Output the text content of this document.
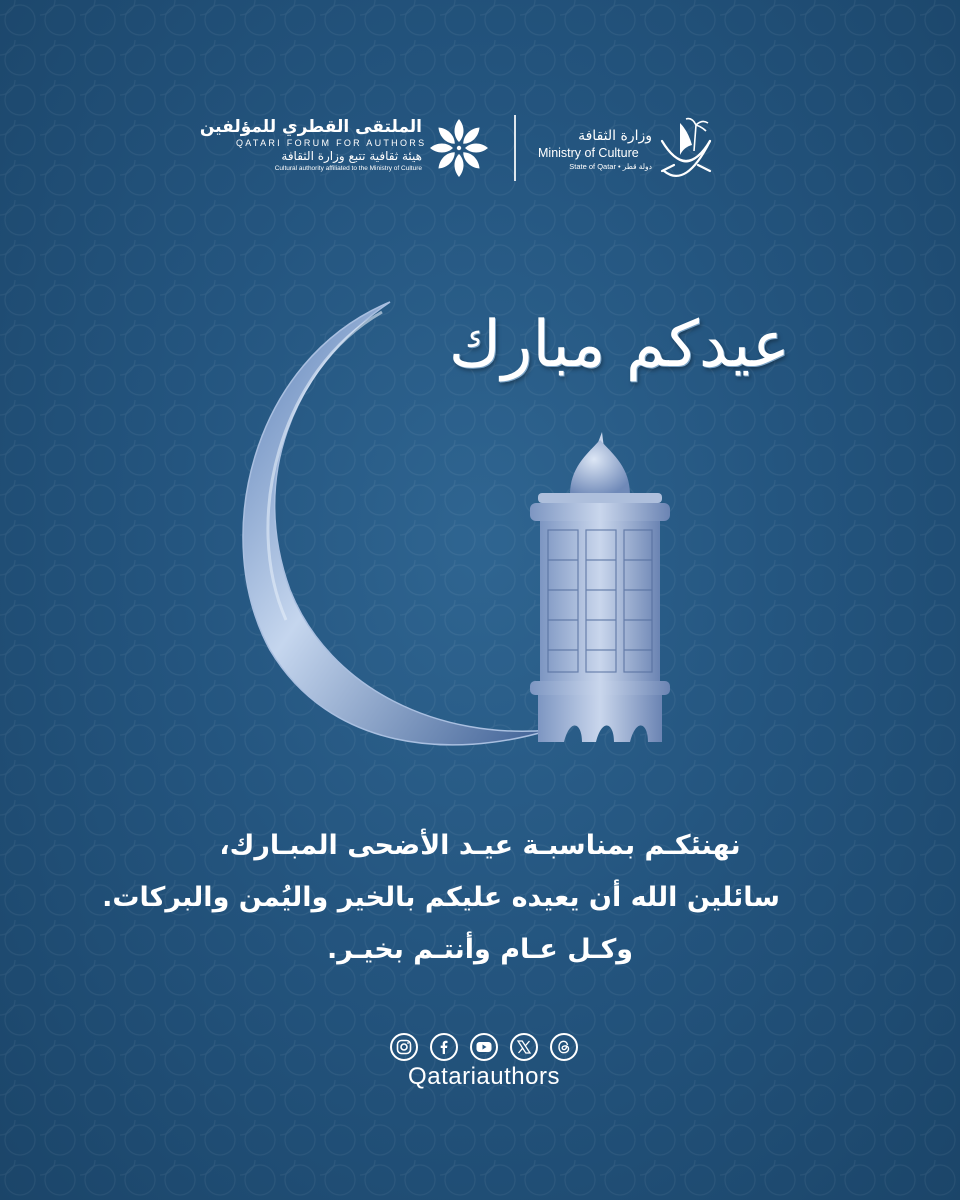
الملتقى القطري للمؤلفين
QATARI FORUM FOR AUTHORS
هيئة ثقافية تتبع وزارة الثقافة
Cultural authority affiliated to the Ministry of Culture
وزارة الثقافة
Ministry of Culture
State of Qatar • دولة قطر
عيدكم مبارك
نهنئكـم بمناسبـة عيـد الأضحى المبـارك،
سائلين الله أن يعيده عليكم بالخير واليُمن والبركات.
وكـل عـام وأنتـم بخيـر.
Qatariauthors
